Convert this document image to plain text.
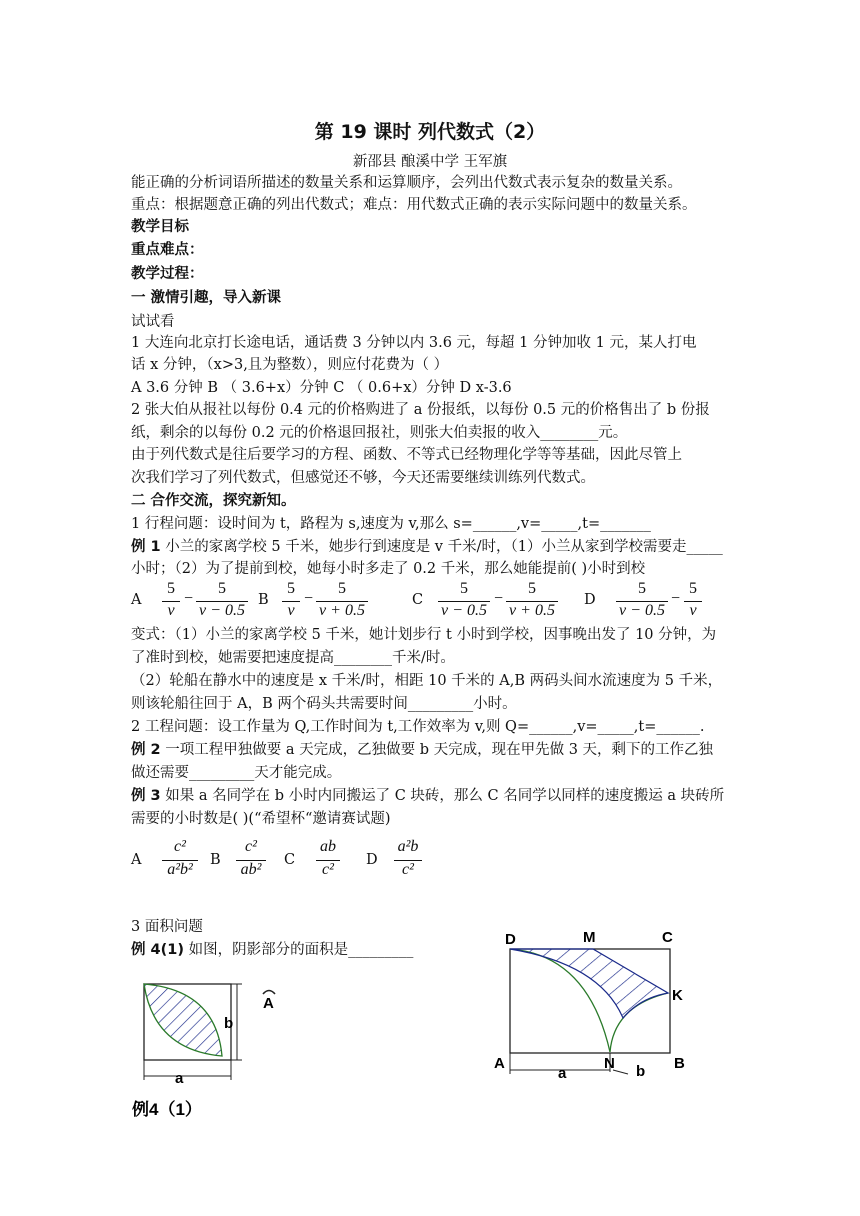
第 19 课时 列代数式（2）
新邵县 酿溪中学 王军旗
能正确的分析词语所描述的数量关系和运算顺序，会列出代数式表示复杂的数量关系。
重点：根据题意正确的列出代数式；难点：用代数式正确的表示实际问题中的数量关系。
教学目标
重点难点：
教学过程：
一 激情引趣，导入新课
试试看
1 大连向北京打长途电话，通话费 3 分钟以内 3.6 元，每超 1 分钟加收 1 元，某人打电
话 x 分钟，（x>3,且为整数），则应付花费为（ ）
A 3.6 分钟 B （ 3.6+x）分钟 C （ 0.6+x）分钟 D x-3.6
2 张大伯从报社以每份 0.4 元的价格购进了 a 份报纸，以每份 0.5 元的价格售出了 b 份报
纸，剩余的以每份 0.2 元的价格退回报社，则张大伯卖报的收入________元。
由于列代数式是往后要学习的方程、函数、不等式已经物理化学等等基础，因此尽管上
次我们学习了列代数式，但感觉还不够，今天还需要继续训练列代数式。
二 合作交流，探究新知。
1 行程问题：设时间为 t，路程为 s,速度为 v,那么 s=______,v=_____,t=_______
例 1 小兰的家离学校 5 千米，她步行到速度是 v 千米/时，（1）小兰从家到学校需要走_____
小时；（2）为了提前到校，她每小时多走了 0.2 千米，那么她能提前( )小时到校
A
5
v
−
5
v − 0.5
B
5
v
−
5
v + 0.5
C
5
v − 0.5
−
5
v + 0.5
D
5
v − 0.5
−
5
v
变式：（1）小兰的家离学校 5 千米，她计划步行 t 小时到学校，因事晚出发了 10 分钟，为
了准时到校，她需要把速度提高________千米/时。
（2）轮船在静水中的速度是 x 千米/时，相距 10 千米的 A,B 两码头间水流速度为 5 千米，
则该轮船往回于 A，B 两个码头共需要时间_________小时。
2 工程问题：设工作量为 Q,工作时间为 t,工作效率为 v,则 Q=______,v=_____,t=______.
例 2 一项工程甲独做要 a 天完成，乙独做要 b 天完成，现在甲先做 3 天，剩下的工作乙独
做还需要_________天才能完成。
例 3 如果 a 名同学在 b 小时内同搬运了 C 块砖，那么 C 名同学以同样的速度搬运 a 块砖所
需要的小时数是( )(“希望杯“邀请赛试题)
A
c²
a²b²
B
c²
ab²
C
ab
c²
D
a²b
c²
3 面积问题
例 4(1) 如图，阴影部分的面积是_________
b
a
A
例4（1）
D	M	C
K
A	N	B
a	b
